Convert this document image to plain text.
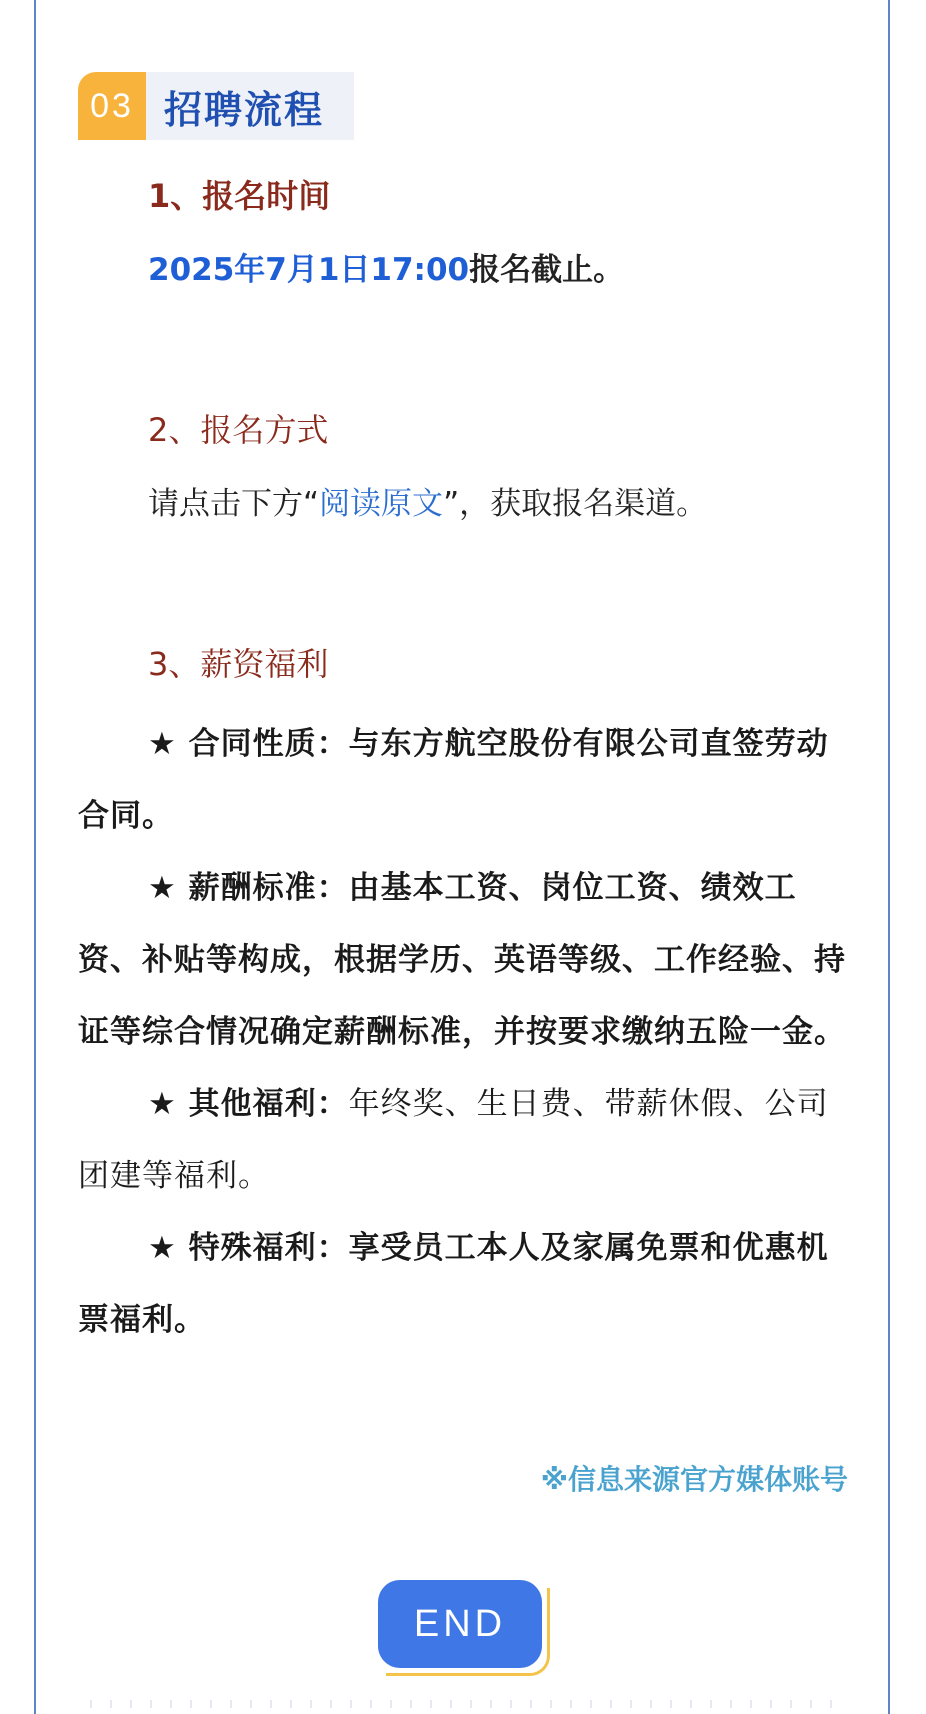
03 招聘流程

1、报名时间

2025年7月1日17:00报名截止。

2、报名方式

请点击下方“阅读原文”，获取报名渠道。

3、薪资福利

★ 合同性质：与东方航空股份有限公司直签劳动合同。

★ 薪酬标准：由基本工资、岗位工资、绩效工资、补贴等构成，根据学历、英语等级、工作经验、持证等综合情况确定薪酬标准，并按要求缴纳五险一金。

★ 其他福利：年终奖、生日费、带薪休假、公司团建等福利。

★ 特殊福利：享受员工本人及家属免票和优惠机票福利。

※信息来源官方媒体账号
END
